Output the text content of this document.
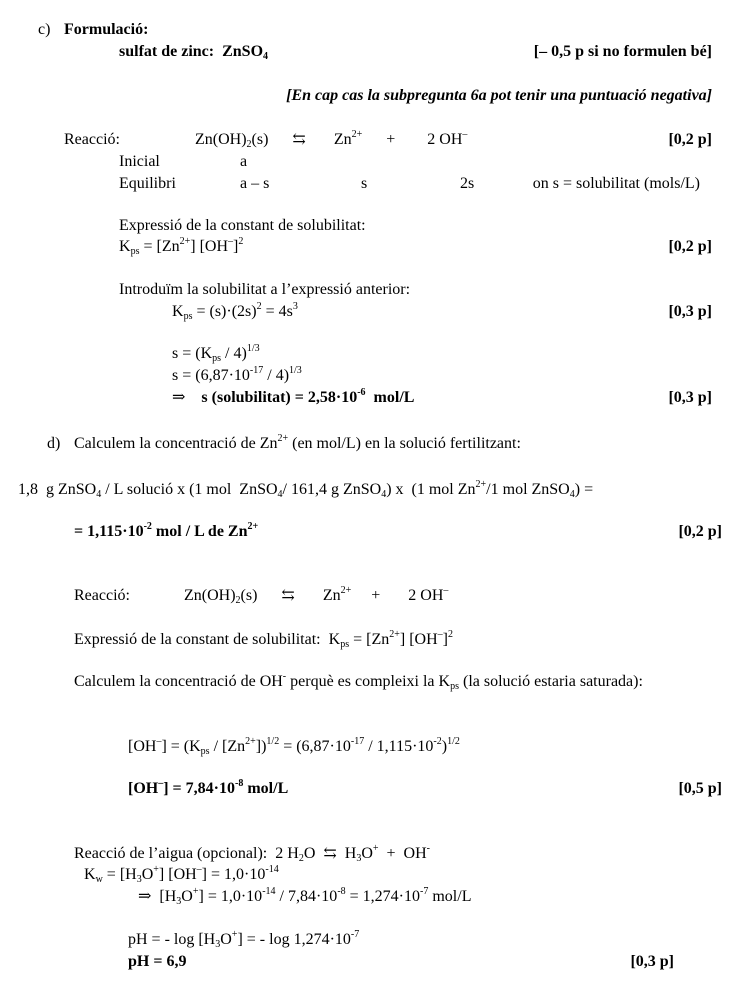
c) Formulació:
sulfat de zinc:  ZnSO$_4$	[– 0,5 p si no formulen bé]
[En cap cas la subpregunta 6a pot tenir una puntuació negativa]
Reacció:	$Zn(OH)_2(s)$      ⇆       $Zn^{2+}$      +        2 OH–	[0,2 p]
Inicial	a
Equilibri	a – s	s	2s	on s = solubilitat (mols/L)
Expressió de la constant de solubilitat:
$K_{ps} = [Zn^{2+}]$ $[OH^-]^2$	[0,2 p]
Introduïm la solubilitat a l’expressió anterior:
$K_{ps} = (s)\cdot(2s)^2 = 4s^3$	[0,3 p]
$s = (K_{ps} / 4)^{1/3}$
$s = (6,87\cdot 10^{-17} / 4)^{1/3}$
⇒ s (solubilitat) = $2,58\cdot 10^{-6}$ mol/L	[0,3 p]
d) Calculem la concentració de $Zn^{2+}$ (en mol/L) en la solució fertilitzant:
1,8  g ZnSO$_4$ / L solució x (1 mol  ZnSO$_4$/ 161,4 g ZnSO$_4$) x  (1 mol $Zn^{2+}/1$ mol ZnSO$_4$) =
= $1,115\cdot 10^{-2}$ mol / L de $Zn^{2+}$	[0,2 p]
Reacció:	$Zn(OH)_2(s)$      ⇆       $Zn^{2+}$     +       2 OH–
Expressió de la constant de solubilitat:  $K_{ps} = [Zn^{2+}]$ $[OH^-]^2$
Calculem la concentració de OH- perquè es compleixi la $K_{ps}$ (la solució estaria saturada):
$[OH^-] = (K_{ps} / [Zn^{2+}])^{1/2} = (6,87\cdot 10^{-17} / 1,115\cdot 10^{-2})^{1/2}$
$[OH^-] = 7,84\cdot 10^{-8}$ mol/L	[0,5 p]
Reacció de l’aigua (opcional):  2 $H_2O$  ⇆  $H_3O^+ + OH^-$
$K_w = [H_3O^+] [OH^-] = 1,0\cdot 10^{-14}$
⇒  $[H_3O^+] = 1,0\cdot 10^{-14} / 7,84\cdot 10^{-8} = 1,274\cdot 10^{-7}$ mol/L
pH = - $\log [H_3O^+]$ = - $\log 1,274\cdot 10^{-7}$
pH = 6,9	[0,3 p]
